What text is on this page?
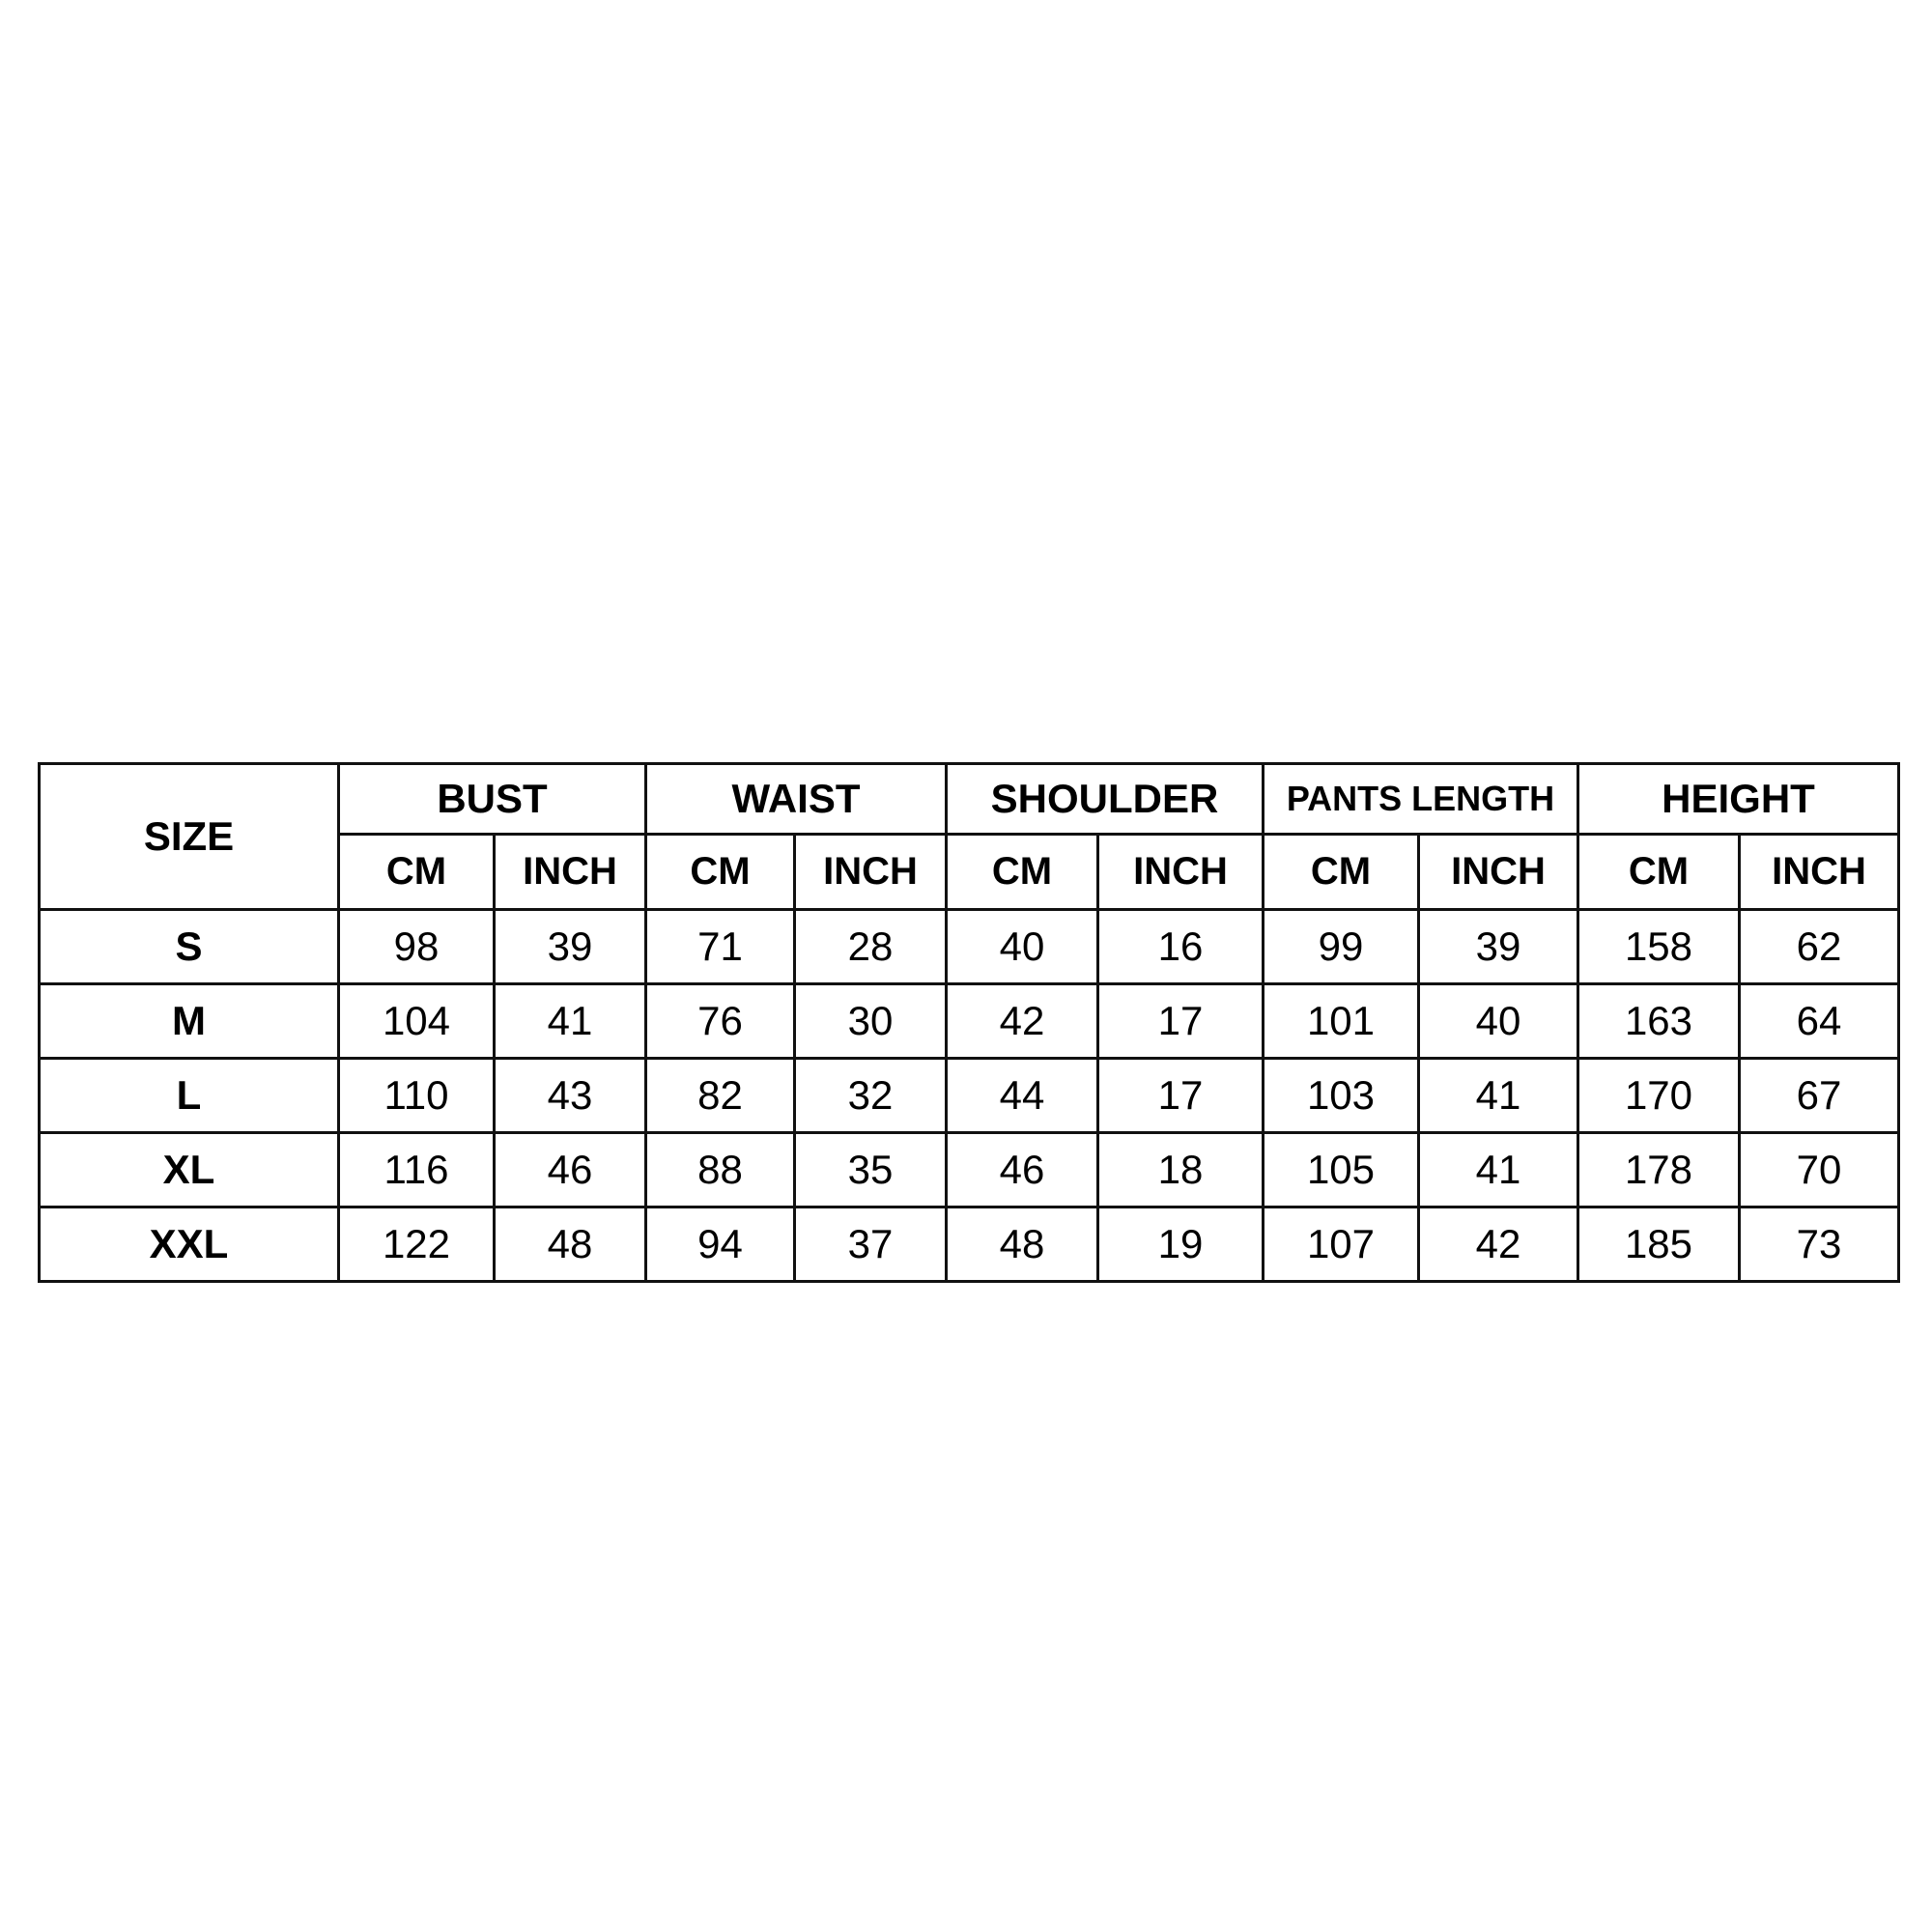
SIZE	BUST		WAIST		SHOULDER		PANTS LENGTH		HEIGHT	
	CM	INCH	CM	INCH	CM	INCH	CM	INCH	CM	INCH
S	98	39	71	28	40	16	99	39	158	62
M	104	41	76	30	42	17	101	40	163	64
L	110	43	82	32	44	17	103	41	170	67
XL	116	46	88	35	46	18	105	41	178	70
XXL	122	48	94	37	48	19	107	42	185	73
